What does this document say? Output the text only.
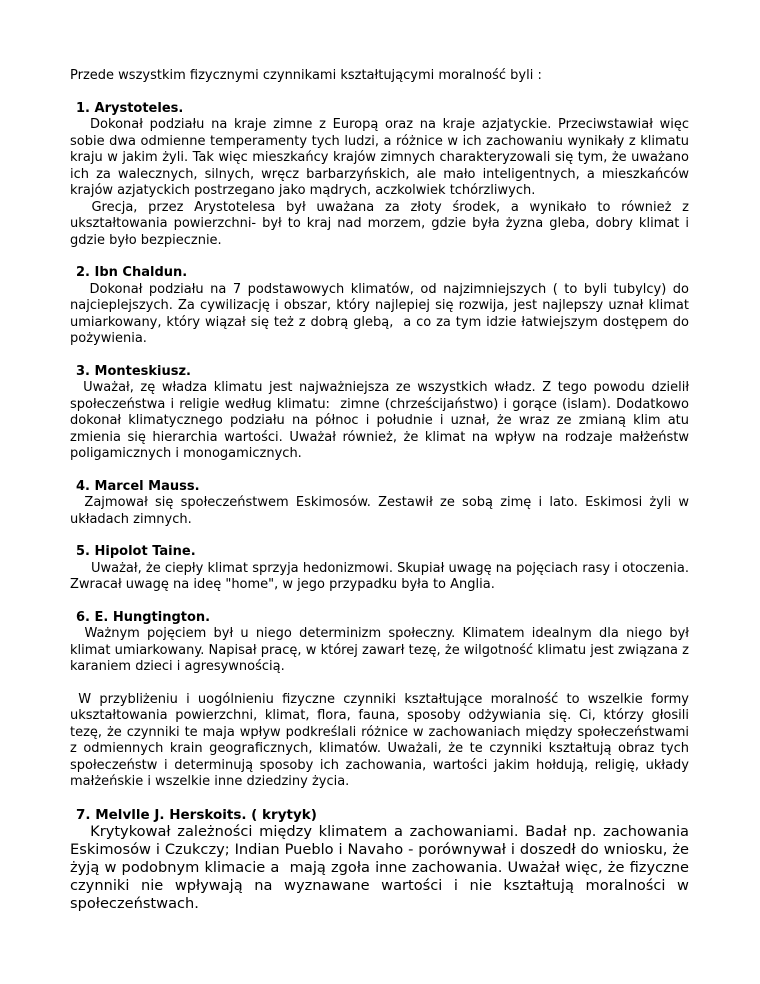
Przede wszystkim fizycznymi czynnikami kształtującymi moralność byli :

1. Arystoteles.

Dokonał podziału na kraje zimne z Europą oraz na kraje azjatyckie. Przeciwstawiał więc sobie dwa odmienne temperamenty tych ludzi, a różnice w ich zachowaniu wynikały z klimatu kraju w jakim żyli. Tak więc mieszkańcy krajów zimnych charakteryzowali się tym, że uważano ich za walecznych, silnych, wręcz barbarzyńskich, ale mało inteligentnych, a mieszkańców krajów azjatyckich postrzegano jako mądrych, aczkolwiek tchórzliwych.

Grecja, przez Arystotelesa był uważana za złoty środek, a wynikało to również z ukształtowania powierzchni- był to kraj nad morzem, gdzie była żyzna gleba, dobry klimat i gdzie było bezpiecznie.

2. Ibn Chaldun.

Dokonał podziału na 7 podstawowych klimatów, od najzimniejszych ( to byli tubylcy) do najcieplejszych. Za cywilizację i obszar, który najlepiej się rozwija, jest najlepszy uznał klimat umiarkowany, który wiązał się też z dobrą glebą,  a co za tym idzie łatwiejszym dostępem do pożywienia.

3. Monteskiusz.

Uważał, zę władza klimatu jest najważniejsza ze wszystkich władz. Z tego powodu dzielił społeczeństwa i religie według klimatu:  zimne (chrześcijaństwo) i gorące (islam). Dodatkowo dokonał klimatycznego podziału na północ i południe i uznał, że wraz ze zmianą klim atu zmienia się hierarchia wartości. Uważał również, że klimat na wpływ na rodzaje małżeństw poligamicznych i monogamicznych.

4. Marcel Mauss.

Zajmował się społeczeństwem Eskimosów. Zestawił ze sobą zimę i lato. Eskimosi żyli w układach zimnych.

5. Hipolot Taine.

Uważał, że ciepły klimat sprzyja hedonizmowi. Skupiał uwagę na pojęciach rasy i otoczenia. Zwracał uwagę na ideę "home", w jego przypadku była to Anglia.

6. E. Hungtington.

Ważnym pojęciem był u niego determinizm społeczny. Klimatem idealnym dla niego był klimat umiarkowany. Napisał pracę, w której zawarł tezę, że wilgotność klimatu jest związana z karaniem dzieci i agresywnością.

W przybliżeniu i uogólnieniu fizyczne czynniki kształtujące moralność to wszelkie formy ukształtowania powierzchni, klimat, flora, fauna, sposoby odżywiania się. Ci, którzy głosili tezę, że czynniki te maja wpływ podkreślali różnice w zachowaniach między społeczeństwami z odmiennych krain geograficznych, klimatów. Uważali, że te czynniki kształtują obraz tych społeczeństw i determinują sposoby ich zachowania, wartości jakim hołdują, religię, układy małżeńskie i wszelkie inne dziedziny życia.

7. Melvlle J. Herskoits. ( krytyk)

Krytykował zależności między klimatem a zachowaniami. Badał np. zachowania Eskimosów i Czukczy; Indian Pueblo i Navaho - porównywał i doszedł do wniosku, że żyją w podobnym klimacie a  mają zgoła inne zachowania. Uważał więc, że fizyczne czynniki nie wpływają na wyznawane wartości i nie kształtują moralności w społeczeństwach.
